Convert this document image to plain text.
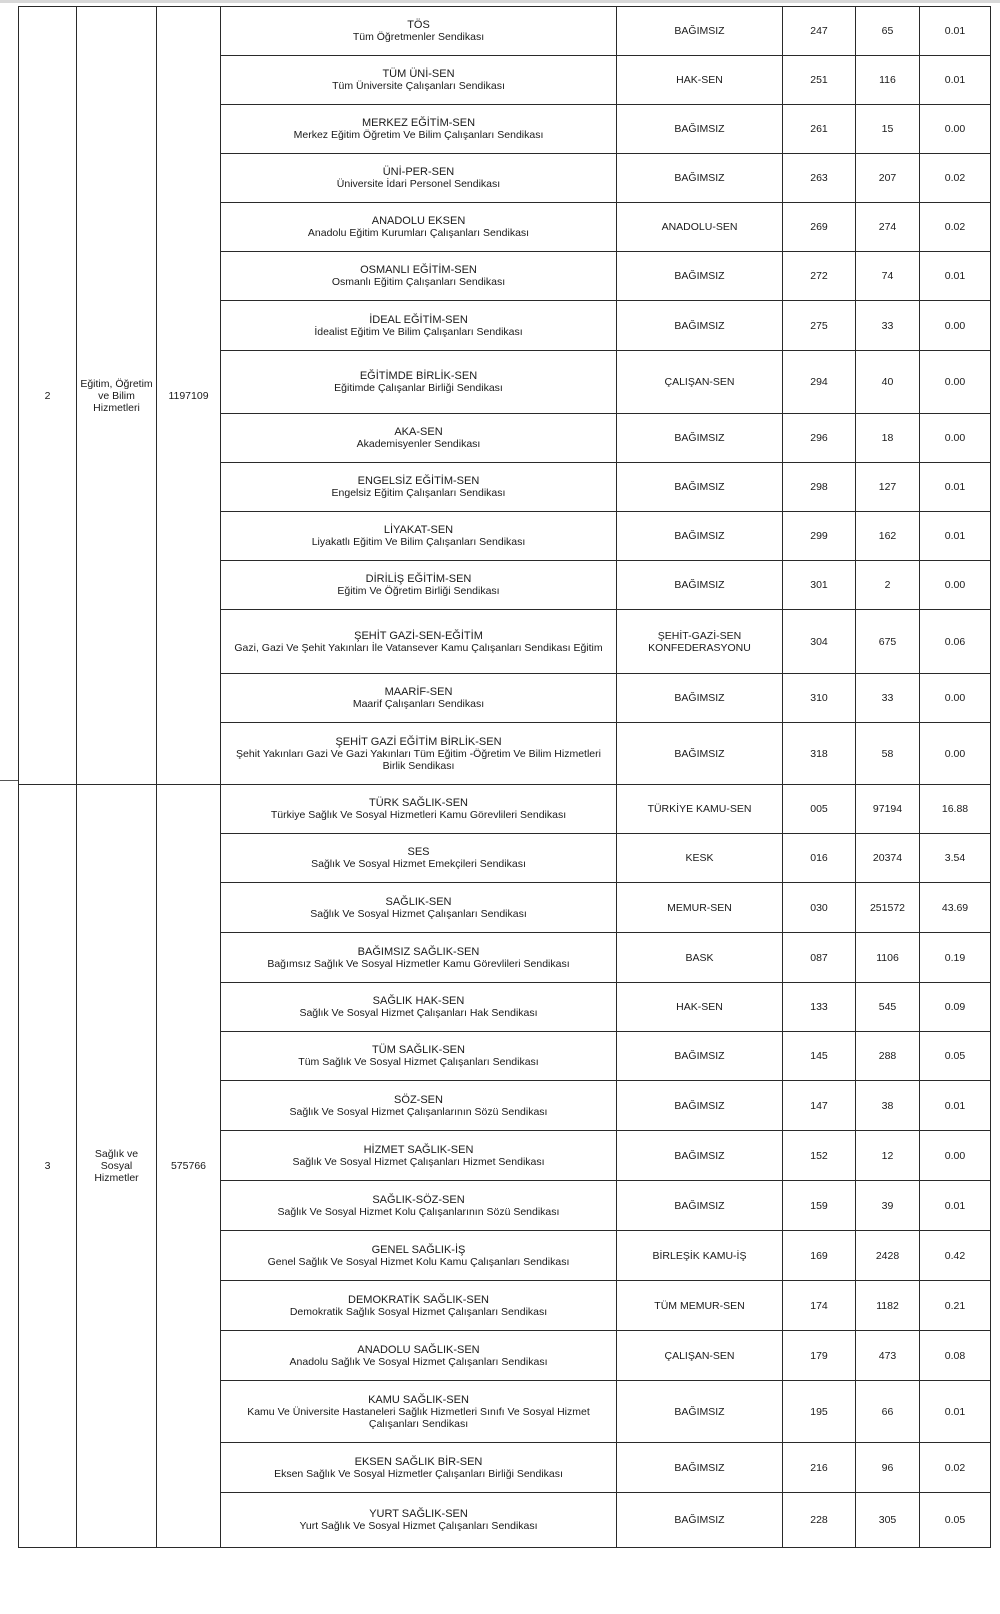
2	Eğitim, Öğretim ve Bilim Hizmetleri	1197109	TÖS
Tüm Öğretmenler Sendikası	BAĞIMSIZ	247	65	0.01

			TÜM ÜNİ-SEN
Tüm Üniversite Çalışanları Sendikası	HAK-SEN	251	116	0.01

			MERKEZ EĞİTİM-SEN
Merkez Eğitim Öğretim Ve Bilim Çalışanları Sendikası	BAĞIMSIZ	261	15	0.00

			ÜNİ-PER-SEN
Üniversite İdari Personel Sendikası	BAĞIMSIZ	263	207	0.02

			ANADOLU EKSEN
Anadolu Eğitim Kurumları Çalışanları Sendikası	ANADOLU-SEN	269	274	0.02

			OSMANLI EĞİTİM-SEN
Osmanlı Eğitim Çalışanları Sendikası	BAĞIMSIZ	272	74	0.01

			İDEAL EĞİTİM-SEN
İdealist Eğitim Ve Bilim Çalışanları Sendikası	BAĞIMSIZ	275	33	0.00

			EĞİTİMDE BİRLİK-SEN
Eğitimde Çalışanlar Birliği Sendikası	ÇALIŞAN-SEN	294	40	0.00

			AKA-SEN
Akademisyenler Sendikası	BAĞIMSIZ	296	18	0.00

			ENGELSİZ EĞİTİM-SEN
Engelsiz Eğitim Çalışanları Sendikası	BAĞIMSIZ	298	127	0.01

			LİYAKAT-SEN
Liyakatlı Eğitim Ve Bilim Çalışanları Sendikası	BAĞIMSIZ	299	162	0.01

			DİRİLİŞ EĞİTİM-SEN
Eğitim Ve Öğretim Birliği Sendikası	BAĞIMSIZ	301	2	0.00

			ŞEHİT GAZİ-SEN-EĞİTİM
Gazi, Gazi Ve Şehit Yakınları İle Vatansever Kamu Çalışanları Sendikası Eğitim	ŞEHİT-GAZİ-SEN KONFEDERASYONU	304	675	0.06

			MAARİF-SEN
Maarif Çalışanları Sendikası	BAĞIMSIZ	310	33	0.00

			ŞEHİT GAZİ EĞİTİM BİRLİK-SEN
Şehit Yakınları Gazi Ve Gazi Yakınları Tüm Eğitim -Öğretim Ve Bilim Hizmetleri Birlik Sendikası	BAĞIMSIZ	318	58	0.00
3	Sağlık ve Sosyal Hizmetler	575766	TÜRK SAĞLIK-SEN
Türkiye Sağlık Ve Sosyal Hizmetleri Kamu Görevlileri Sendikası	TÜRKİYE KAMU-SEN	005	97194	16.88

			SES
Sağlık Ve Sosyal Hizmet Emekçileri Sendikası	KESK	016	20374	3.54

			SAĞLIK-SEN
Sağlık Ve Sosyal Hizmet Çalışanları Sendikası	MEMUR-SEN	030	251572	43.69

			BAĞIMSIZ SAĞLIK-SEN
Bağımsız Sağlık Ve Sosyal Hizmetler Kamu Görevlileri Sendikası	BASK	087	1106	0.19

			SAĞLIK HAK-SEN
Sağlık Ve Sosyal Hizmet Çalışanları Hak Sendikası	HAK-SEN	133	545	0.09

			TÜM SAĞLIK-SEN
Tüm Sağlık Ve Sosyal Hizmet Çalışanları Sendikası	BAĞIMSIZ	145	288	0.05

			SÖZ-SEN
Sağlık Ve Sosyal Hizmet Çalışanlarının Sözü Sendikası	BAĞIMSIZ	147	38	0.01

			HİZMET SAĞLIK-SEN
Sağlık Ve Sosyal Hizmet Çalışanları Hizmet Sendikası	BAĞIMSIZ	152	12	0.00

			SAĞLIK-SÖZ-SEN
Sağlık Ve Sosyal Hizmet Kolu Çalışanlarının Sözü Sendikası	BAĞIMSIZ	159	39	0.01

			GENEL SAĞLIK-İŞ
Genel Sağlık Ve Sosyal Hizmet Kolu Kamu Çalışanları Sendikası	BİRLEŞİK KAMU-İŞ	169	2428	0.42

			DEMOKRATİK SAĞLIK-SEN
Demokratik Sağlık Sosyal Hizmet Çalışanları Sendikası	TÜM MEMUR-SEN	174	1182	0.21

			ANADOLU SAĞLIK-SEN
Anadolu Sağlık Ve Sosyal Hizmet Çalışanları Sendikası	ÇALIŞAN-SEN	179	473	0.08

			KAMU SAĞLIK-SEN
Kamu Ve Üniversite Hastaneleri Sağlık Hizmetleri Sınıfı Ve Sosyal Hizmet Çalışanları Sendikası	BAĞIMSIZ	195	66	0.01

			EKSEN SAĞLIK BİR-SEN
Eksen Sağlık Ve Sosyal Hizmetler Çalışanları Birliği Sendikası	BAĞIMSIZ	216	96	0.02

			YURT SAĞLIK-SEN
Yurt Sağlık Ve Sosyal Hizmet Çalışanları Sendikası	BAĞIMSIZ	228	305	0.05
